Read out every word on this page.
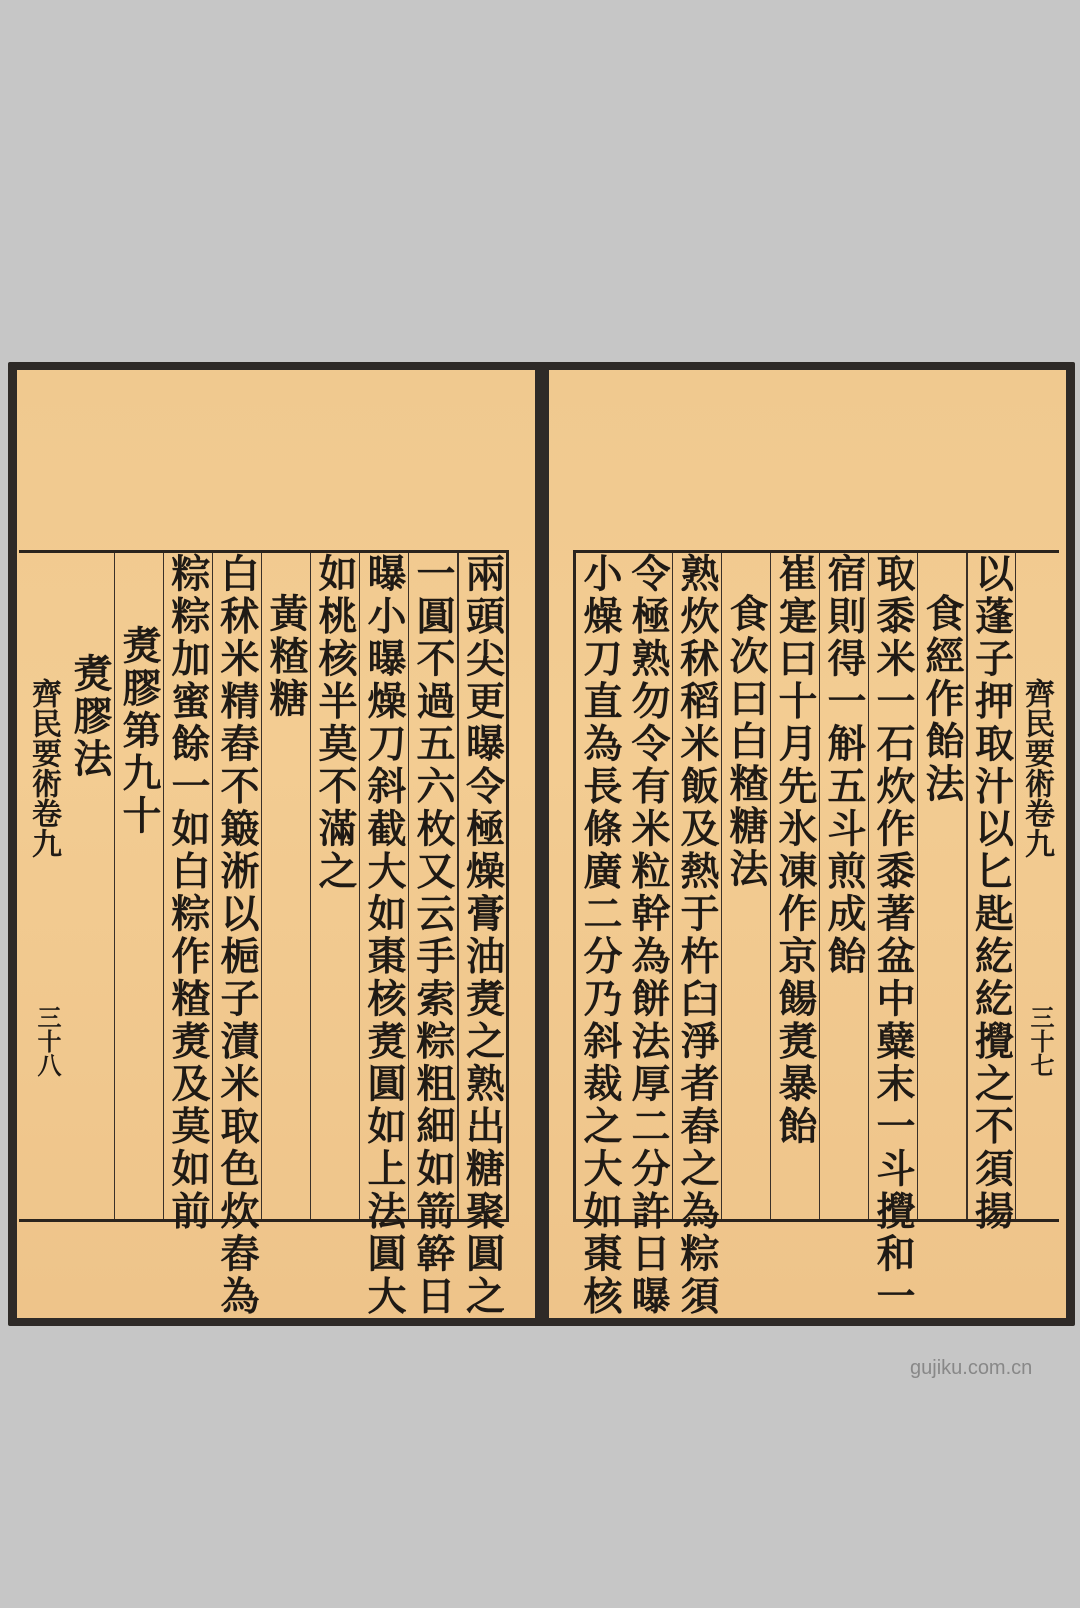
兩頭尖更曝令極燥膏油煑之熟出糖聚圓之
一圓不過五六枚又云手索粽粗細如箭簳日
曝小曝燥刀斜截大如棗核煑圓如上法圓大
如桃核半莫不滿之
黃𥻗糖
白秫米精舂不簸淅以梔子漬米取色炊舂為
粽粽加蜜餘一如白粽作𥻗煑及莫如前
煑膠第九十
煑膠法
齊民要術卷九
三十八
齊民要術卷九
三十七
以蓬子押取汁以匕匙紇紇攪之不須揚
食經作飴法
取黍米一石炊作黍著盆中糵末一斗攪和一
宿則得一斛五斗煎成飴
崔寔曰十月先氷凍作京餳煑暴飴
食次曰白𥻗糖法
熟炊秫稻米飯及熱于杵臼淨者舂之為粽須
令極熟勿令有米粒幹為餅法厚二分許日曝
小燥刀直為長條廣二分乃斜裁之大如棗核
gujiku.com.cn
